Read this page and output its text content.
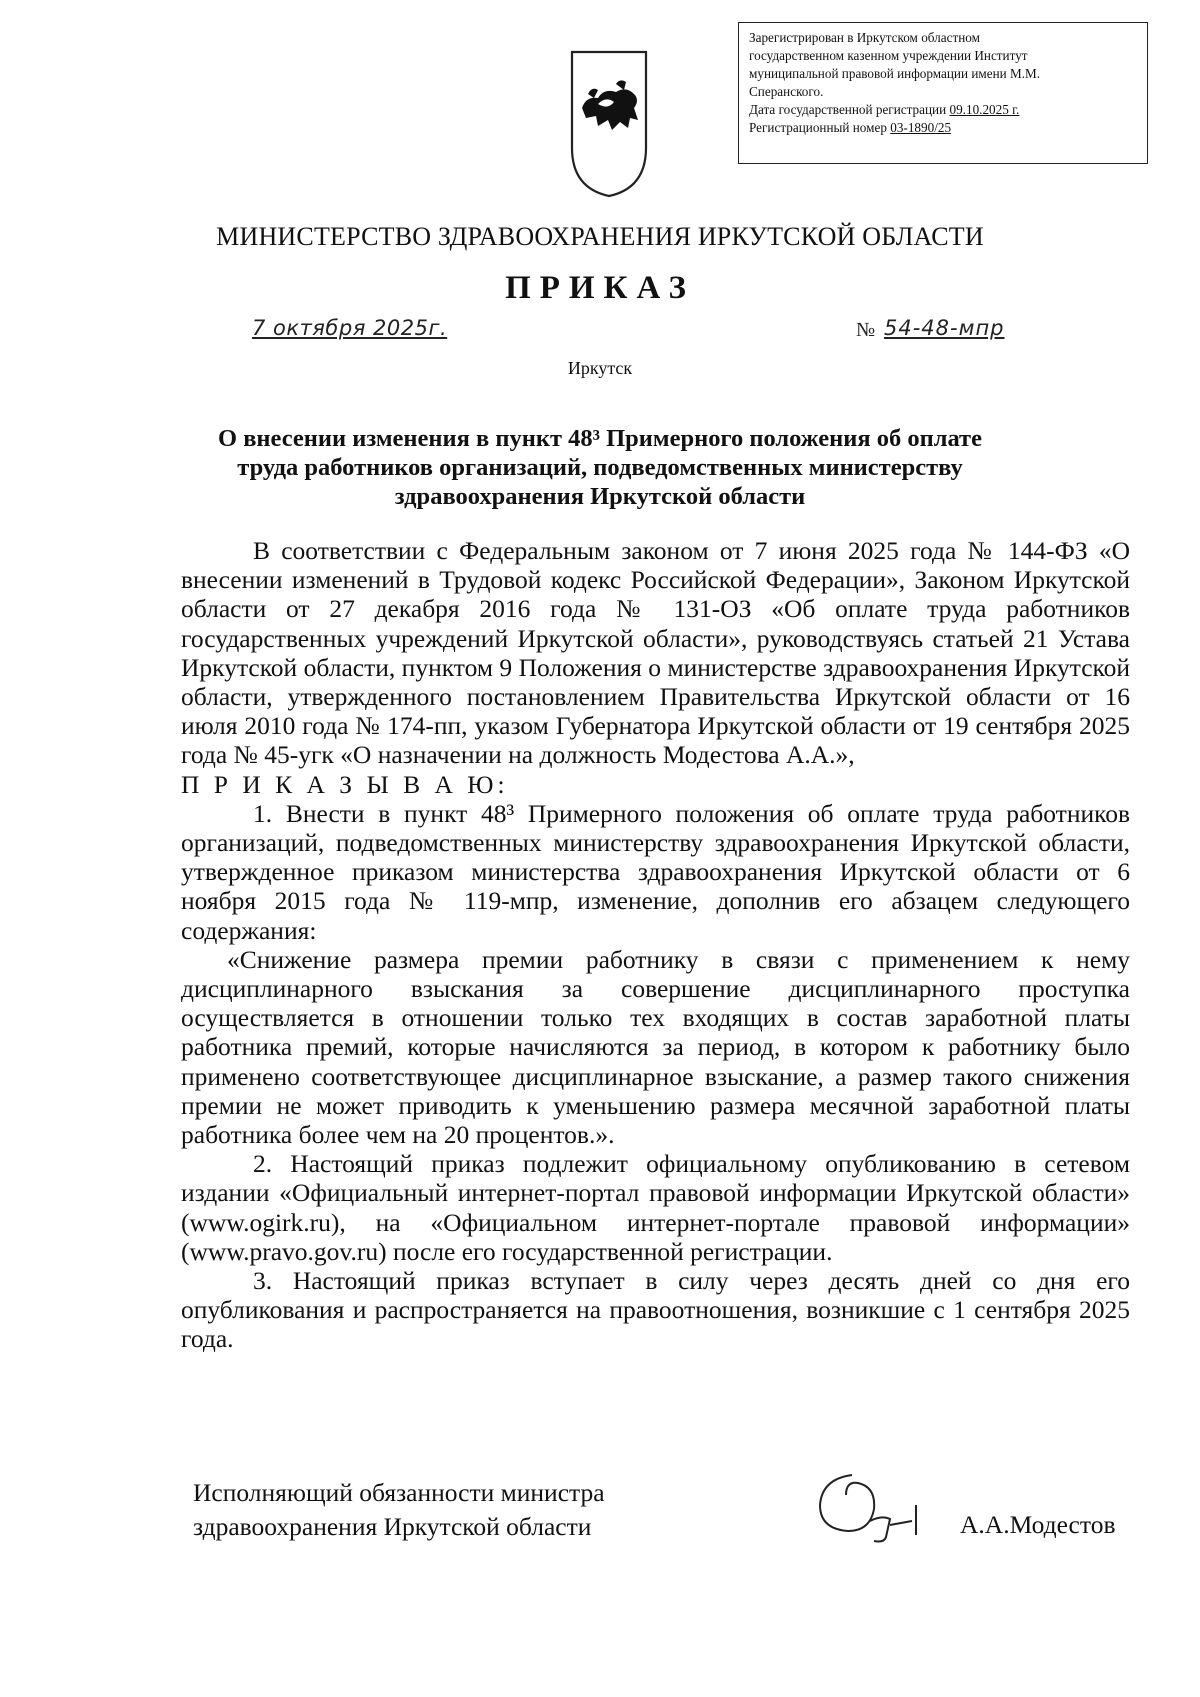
Зарегистрирован в Иркутском областном
государственном казенном учреждении Институт
муниципальной правовой информации имени М.М.
Сперанского.
Дата государственной регистрации 09.10.2025 г.
Регистрационный номер 03-1890/25
МИНИСТЕРСТВО ЗДРАВООХРАНЕНИЯ ИРКУТСКОЙ ОБЛАСТИ
ПРИКАЗ
7 октября 2025г.	№ 54-48-мпр
Иркутск
О внесении изменения в пункт 48³ Примерного положения об оплате
труда работников организаций, подведомственных министерству
здравоохранения Иркутской области

В соответствии с Федеральным законом от 7 июня 2025 года № 144-ФЗ «О внесении изменений в Трудовой кодекс Российской Федерации», Законом Иркутской области от 27 декабря 2016 года № 131-ОЗ «Об оплате труда работников государственных учреждений Иркутской области», руководствуясь статьей 21 Устава Иркутской области, пунктом 9 Положения о министерстве здравоохранения Иркутской области, утвержденного постановлением Правительства Иркутской области от 16 июля 2010 года № 174-пп, указом Губернатора Иркутской области от 19 сентября 2025 года № 45-угк «О назначении на должность Модестова А.А.»,

П Р И К А З Ы В А Ю:

1. Внести в пункт 48³ Примерного положения об оплате труда работников организаций, подведомственных министерству здравоохранения Иркутской области, утвержденное приказом министерства здравоохранения Иркутской области от 6 ноября 2015 года № 119-мпр, изменение, дополнив его абзацем следующего содержания:

«Снижение размера премии работнику в связи с применением к нему дисциплинарного взыскания за совершение дисциплинарного проступка осуществляется в отношении только тех входящих в состав заработной платы работника премий, которые начисляются за период, в котором к работнику было применено соответствующее дисциплинарное взыскание, а размер такого снижения премии не может приводить к уменьшению размера месячной заработной платы работника более чем на 20 процентов.».

2. Настоящий приказ подлежит официальному опубликованию в сетевом издании «Официальный интернет-портал правовой информации Иркутской области» (www.ogirk.ru), на «Официальном интернет-портале правовой информации» (www.pravo.gov.ru) после его государственной регистрации.

3. Настоящий приказ вступает в силу через десять дней со дня его опубликования и распространяется на правоотношения, возникшие с 1 сентября 2025 года.

Исполняющий обязанности министра
здравоохранения Иркутской области	А.А.Модестов
